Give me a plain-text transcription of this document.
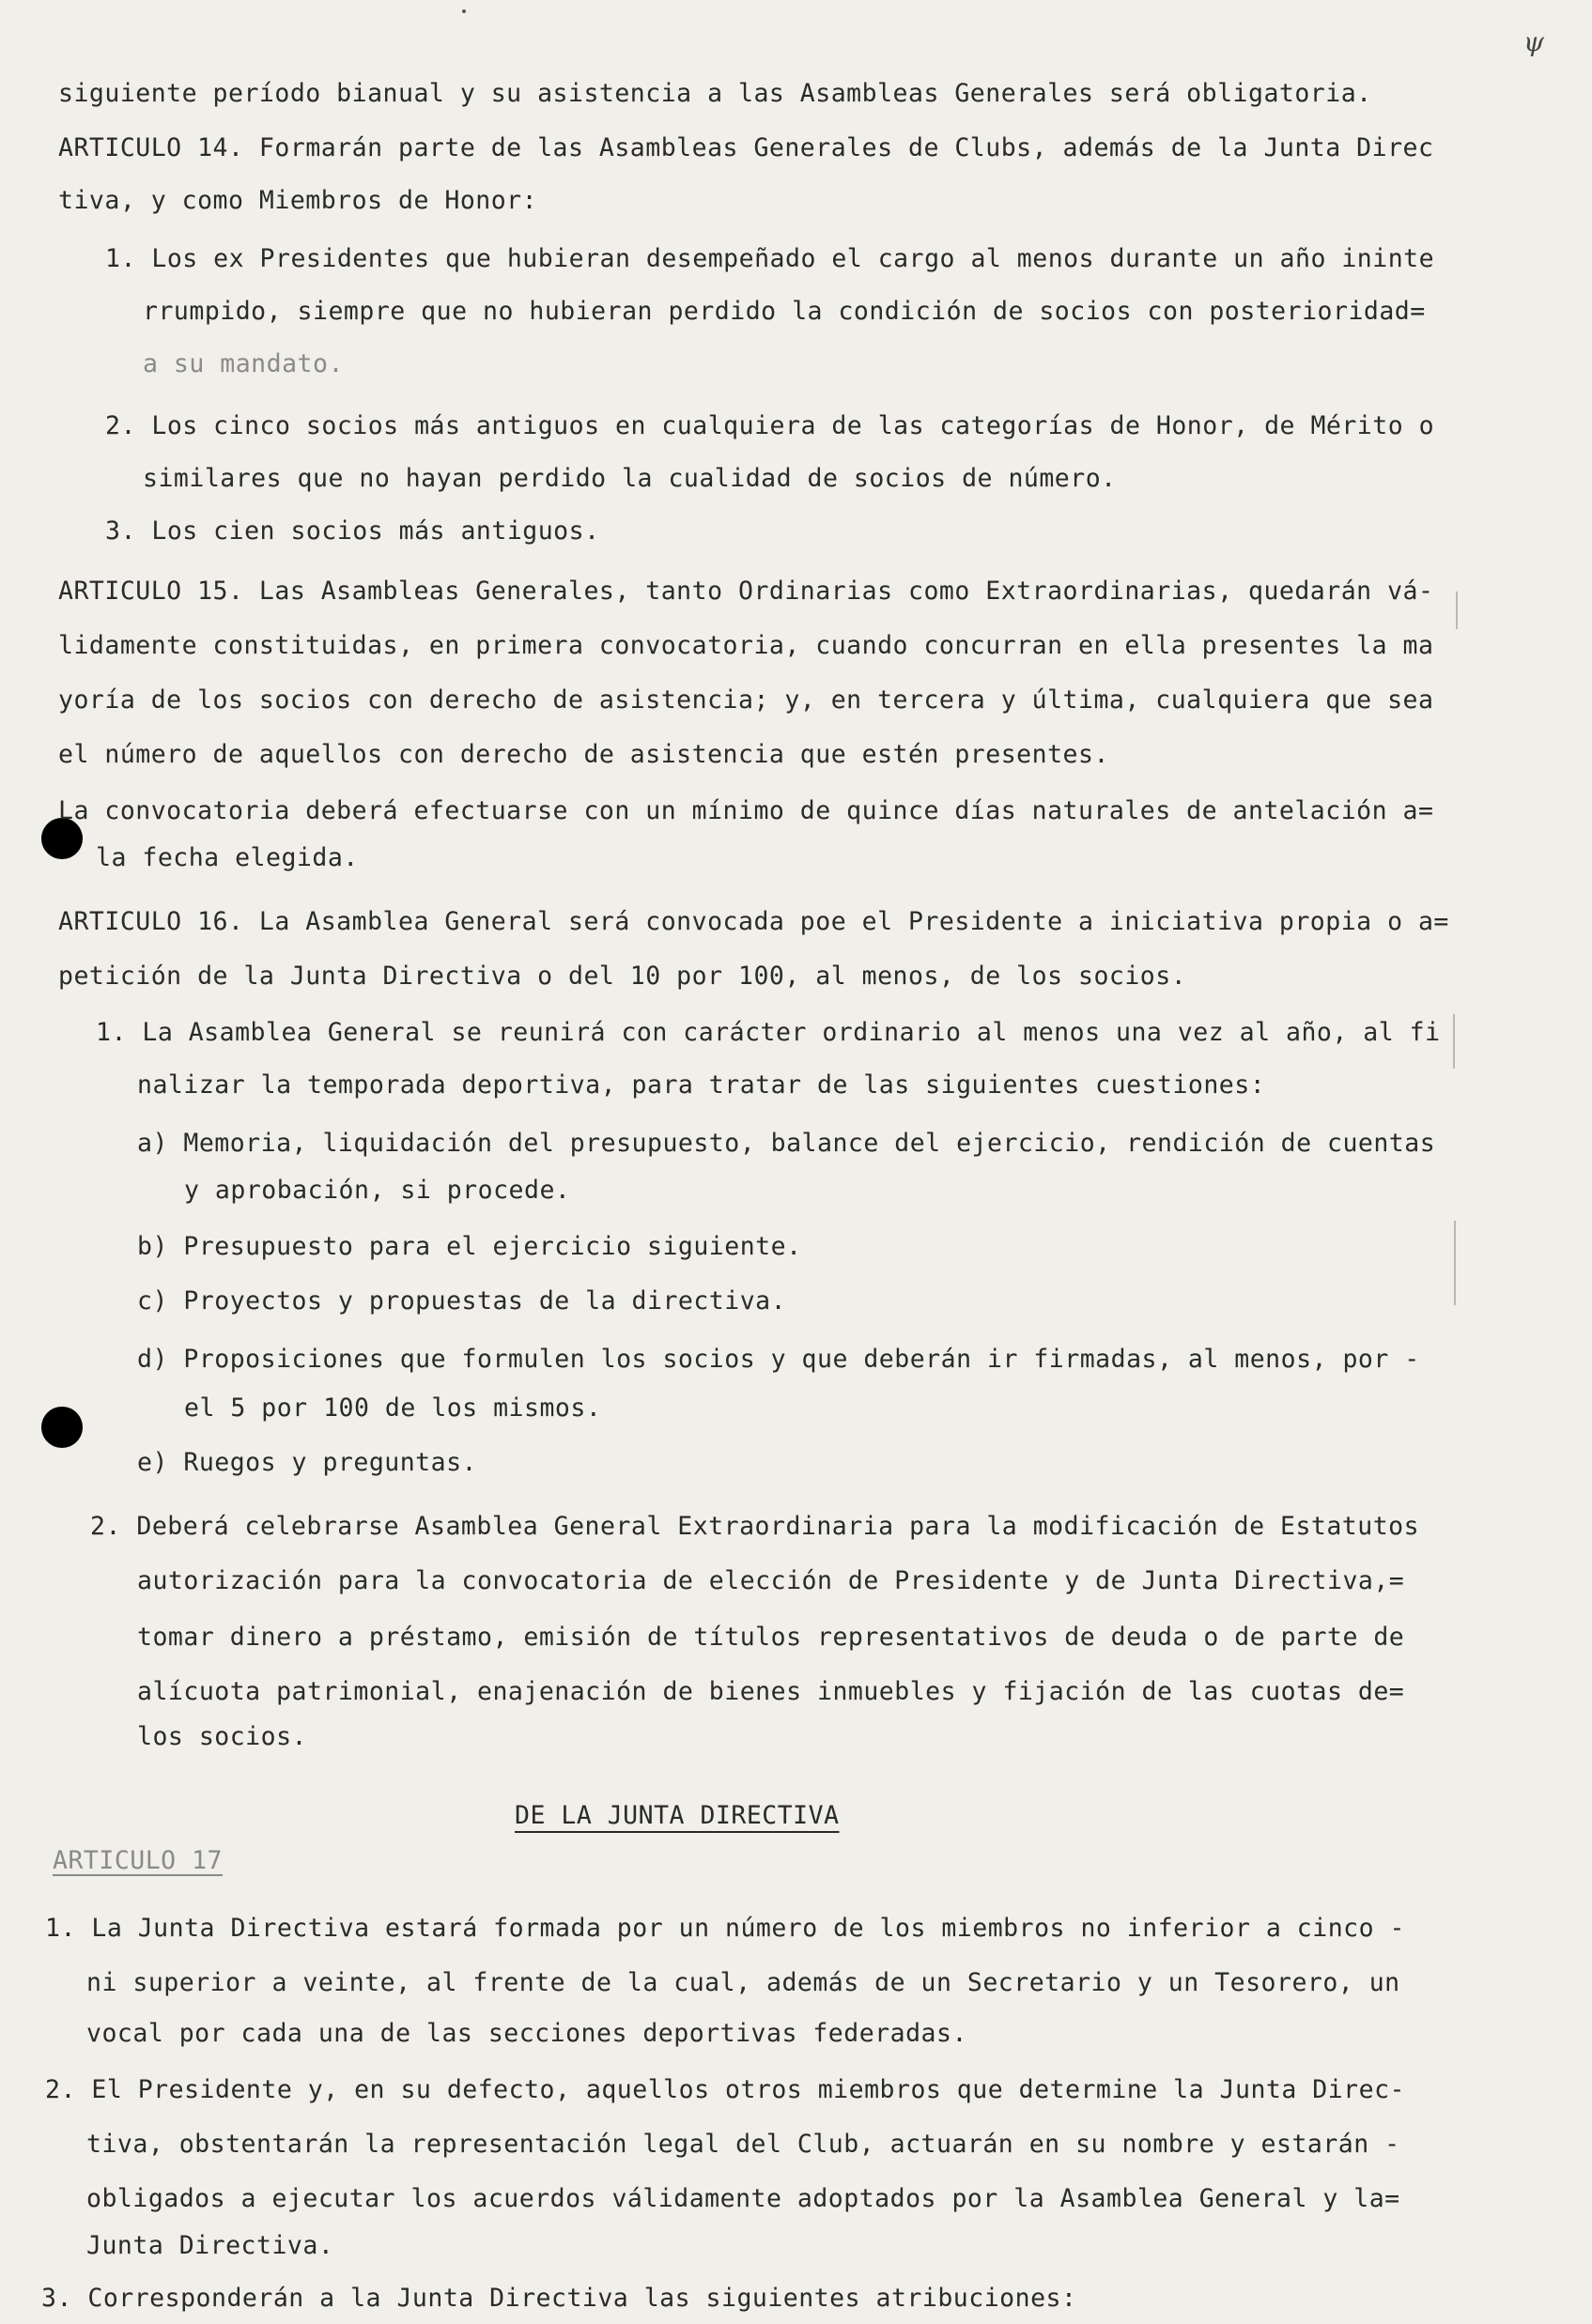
ψ
siguiente período bianual y su asistencia a las Asambleas Generales será obligatoria.
ARTICULO 14. Formarán parte de las Asambleas Generales de Clubs, además de la Junta Direc
tiva, y como Miembros de Honor:
1. Los ex Presidentes que hubieran desempeñado el cargo al menos durante un año ininte
rrumpido, siempre que no hubieran perdido la condición de socios con posterioridad=
a su mandato.
2. Los cinco socios más antiguos en cualquiera de las categorías de Honor, de Mérito o
similares que no hayan perdido la cualidad de socios de número.
3. Los cien socios más antiguos.
ARTICULO 15. Las Asambleas Generales, tanto Ordinarias como Extraordinarias, quedarán vá-
lidamente constituidas, en primera convocatoria, cuando concurran en ella presentes la ma
yoría de los socios con derecho de asistencia; y, en tercera y última, cualquiera que sea
el número de aquellos con derecho de asistencia que estén presentes.
La convocatoria deberá efectuarse con un mínimo de quince días naturales de antelación a=
la fecha elegida.
ARTICULO 16. La Asamblea General será convocada poe el Presidente a iniciativa propia o a=
petición de la Junta Directiva o del 10 por 100, al menos, de los socios.
1. La Asamblea General se reunirá con carácter ordinario al menos una vez al año, al fi
nalizar la temporada deportiva, para tratar de las siguientes cuestiones:
a) Memoria, liquidación del presupuesto, balance del ejercicio, rendición de cuentas
y aprobación, si procede.
b) Presupuesto para el ejercicio siguiente.
c) Proyectos y propuestas de la directiva.
d) Proposiciones que formulen los socios y que deberán ir firmadas, al menos, por -
el 5 por 100 de los mismos.
e) Ruegos y preguntas.
2. Deberá celebrarse Asamblea General Extraordinaria para la modificación de Estatutos
autorización para la convocatoria de elección de Presidente y de Junta Directiva,=
tomar dinero a préstamo, emisión de títulos representativos de deuda o de parte de
alícuota patrimonial, enajenación de bienes inmuebles y fijación de las cuotas de=
los socios.
DE LA JUNTA DIRECTIVA
ARTICULO 17
1. La Junta Directiva estará formada por un número de los miembros no inferior a cinco -
ni superior a veinte, al frente de la cual, además de un Secretario y un Tesorero, un
vocal por cada una de las secciones deportivas federadas.
2. El Presidente y, en su defecto, aquellos otros miembros que determine la Junta Direc-
tiva, obstentarán la representación legal del Club, actuarán en su nombre y estarán -
obligados a ejecutar los acuerdos válidamente adoptados por la Asamblea General y la=
Junta Directiva.
3. Corresponderán a la Junta Directiva las siguientes atribuciones:
